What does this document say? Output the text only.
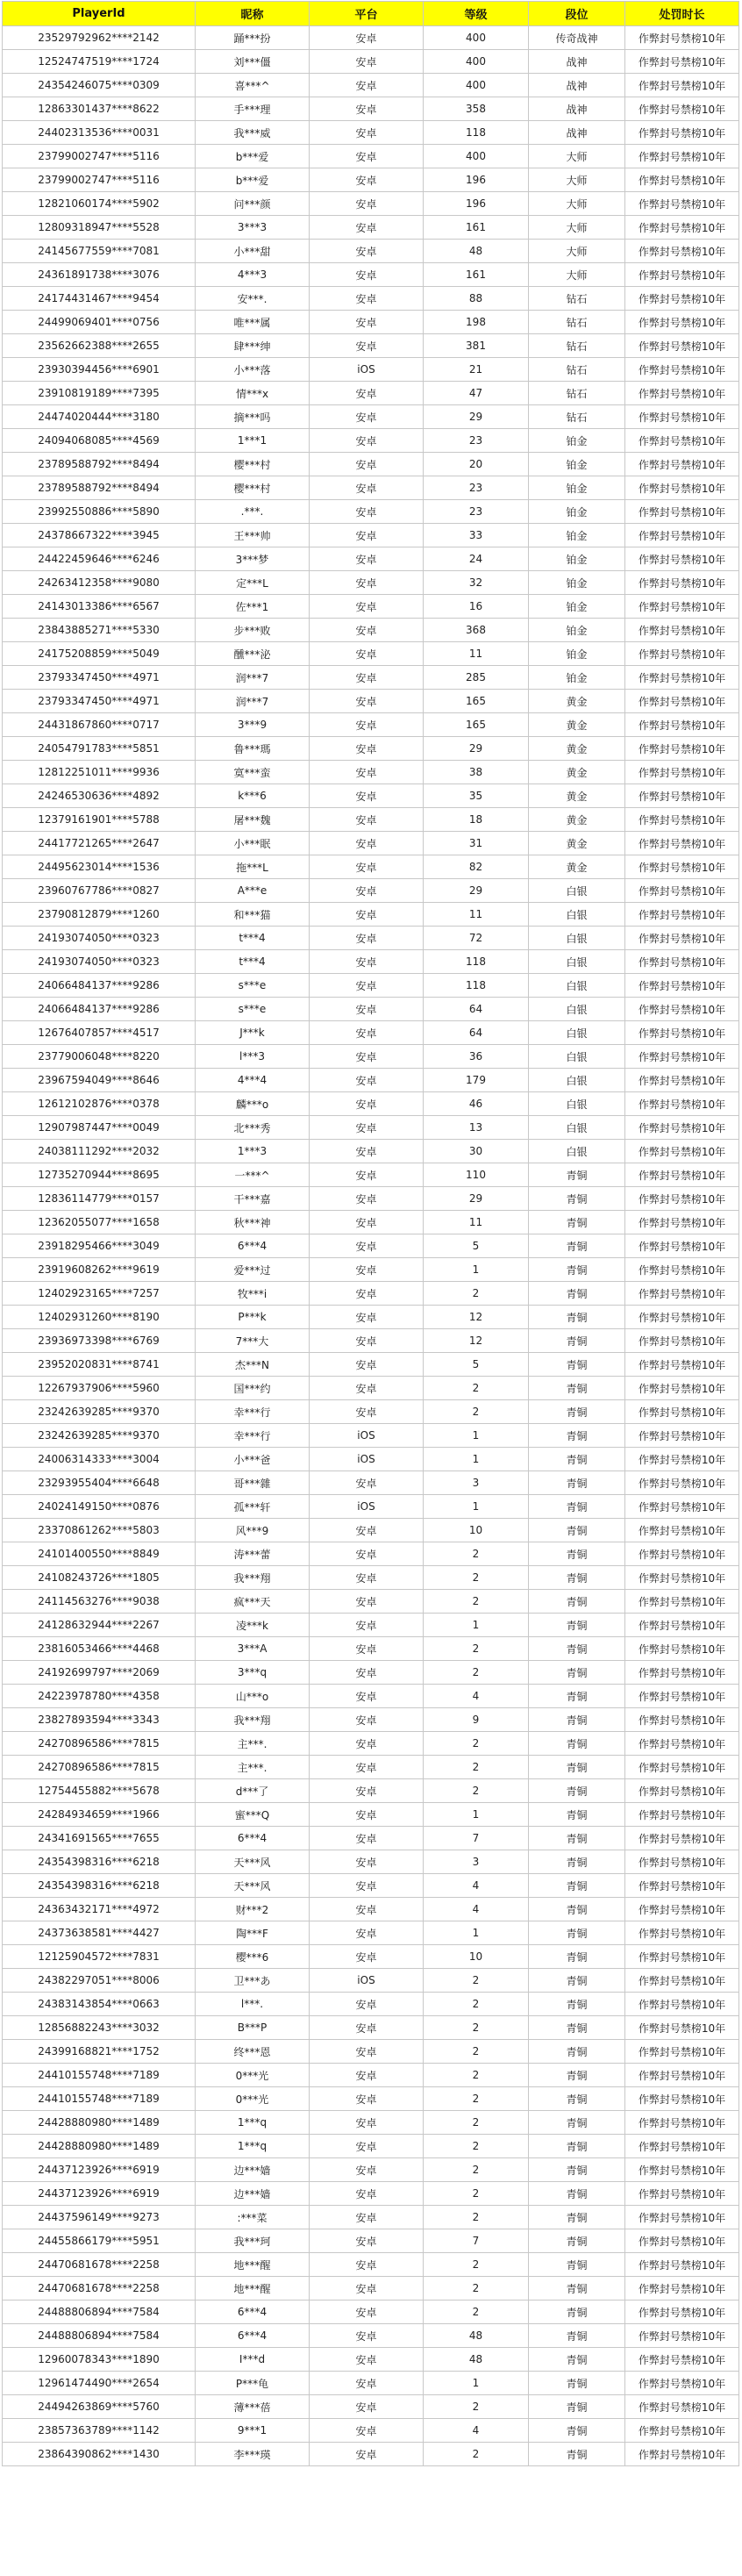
PlayerId	昵称	平台	等级	段位	处罚时长
23529792962****2142	踊***扮	安卓	400	传奇战神	作弊封号禁榜10年
12524747519****1724	刘***僵	安卓	400	战神	作弊封号禁榜10年
24354246075****0309	喜***^	安卓	400	战神	作弊封号禁榜10年
12863301437****8622	手***理	安卓	358	战神	作弊封号禁榜10年
24402313536****0031	我***威	安卓	118	战神	作弊封号禁榜10年
23799002747****5116	b***爱	安卓	400	大师	作弊封号禁榜10年
23799002747****5116	b***爱	安卓	196	大师	作弊封号禁榜10年
12821060174****5902	问***颜	安卓	196	大师	作弊封号禁榜10年
12809318947****5528	3***3	安卓	161	大师	作弊封号禁榜10年
24145677559****7081	小***甜	安卓	48	大师	作弊封号禁榜10年
24361891738****3076	4***3	安卓	161	大师	作弊封号禁榜10年
24174431467****9454	安***.	安卓	88	钻石	作弊封号禁榜10年
24499069401****0756	唯***属	安卓	198	钻石	作弊封号禁榜10年
23562662388****2655	肆***绅	安卓	381	钻石	作弊封号禁榜10年
23930394456****6901	小***落	iOS	21	钻石	作弊封号禁榜10年
23910819189****7395	情***x	安卓	47	钻石	作弊封号禁榜10年
24474020444****3180	摘***吗	安卓	29	钻石	作弊封号禁榜10年
24094068085****4569	1***1	安卓	23	铂金	作弊封号禁榜10年
23789588792****8494	樱***村	安卓	20	铂金	作弊封号禁榜10年
23789588792****8494	樱***村	安卓	23	铂金	作弊封号禁榜10年
23992550886****5890	.***.	安卓	23	铂金	作弊封号禁榜10年
24378667322****3945	王***帅	安卓	33	铂金	作弊封号禁榜10年
24422459646****6246	3***梦	安卓	24	铂金	作弊封号禁榜10年
24263412358****9080	定***L	安卓	32	铂金	作弊封号禁榜10年
24143013386****6567	佐***1	安卓	16	铂金	作弊封号禁榜10年
23843885271****5330	步***败	安卓	368	铂金	作弊封号禁榜10年
24175208859****5049	醺***泌	安卓	11	铂金	作弊封号禁榜10年
23793347450****4971	润***7	安卓	285	铂金	作弊封号禁榜10年
23793347450****4971	润***7	安卓	165	黄金	作弊封号禁榜10年
24431867860****0717	3***9	安卓	165	黄金	作弊封号禁榜10年
24054791783****5851	鲁***瑪	安卓	29	黄金	作弊封号禁榜10年
12812251011****9936	寞***蛮	安卓	38	黄金	作弊封号禁榜10年
24246530636****4892	k***6	安卓	35	黄金	作弊封号禁榜10年
12379161901****5788	屠***魏	安卓	18	黄金	作弊封号禁榜10年
24417721265****2647	小***眠	安卓	31	黄金	作弊封号禁榜10年
24495623014****1536	拖***L	安卓	82	黄金	作弊封号禁榜10年
23960767786****0827	A***e	安卓	29	白银	作弊封号禁榜10年
23790812879****1260	和***猫	安卓	11	白银	作弊封号禁榜10年
24193074050****0323	t***4	安卓	72	白银	作弊封号禁榜10年
24193074050****0323	t***4	安卓	118	白银	作弊封号禁榜10年
24066484137****9286	s***e	安卓	118	白银	作弊封号禁榜10年
24066484137****9286	s***e	安卓	64	白银	作弊封号禁榜10年
12676407857****4517	J***k	安卓	64	白银	作弊封号禁榜10年
23779006048****8220	l***3	安卓	36	白银	作弊封号禁榜10年
23967594049****8646	4***4	安卓	179	白银	作弊封号禁榜10年
12612102876****0378	麟***o	安卓	46	白银	作弊封号禁榜10年
12907987447****0049	北***秀	安卓	13	白银	作弊封号禁榜10年
24038111292****2032	1***3	安卓	30	白银	作弊封号禁榜10年
12735270944****8695	一***^	安卓	110	青铜	作弊封号禁榜10年
12836114779****0157	干***嘉	安卓	29	青铜	作弊封号禁榜10年
12362055077****1658	秋***神	安卓	11	青铜	作弊封号禁榜10年
23918295466****3049	6***4	安卓	5	青铜	作弊封号禁榜10年
23919608262****9619	爱***过	安卓	1	青铜	作弊封号禁榜10年
12402923165****7257	牧***i	安卓	2	青铜	作弊封号禁榜10年
12402931260****8190	P***k	安卓	12	青铜	作弊封号禁榜10年
23936973398****6769	7***大	安卓	12	青铜	作弊封号禁榜10年
23952020831****8741	杰***N	安卓	5	青铜	作弊封号禁榜10年
12267937906****5960	国***约	安卓	2	青铜	作弊封号禁榜10年
23242639285****9370	幸***行	安卓	2	青铜	作弊封号禁榜10年
23242639285****9370	幸***行	iOS	1	青铜	作弊封号禁榜10年
24006314333****3004	小***爸	iOS	1	青铜	作弊封号禁榜10年
23293955404****6648	哥***雜	安卓	3	青铜	作弊封号禁榜10年
24024149150****0876	孤***轩	iOS	1	青铜	作弊封号禁榜10年
23370861262****5803	风***9	安卓	10	青铜	作弊封号禁榜10年
24101400550****8849	涛***蕾	安卓	2	青铜	作弊封号禁榜10年
24108243726****1805	我***翔	安卓	2	青铜	作弊封号禁榜10年
24114563276****9038	疯***天	安卓	2	青铜	作弊封号禁榜10年
24128632944****2267	凌***k	安卓	1	青铜	作弊封号禁榜10年
23816053466****4468	3***A	安卓	2	青铜	作弊封号禁榜10年
24192699797****2069	3***q	安卓	2	青铜	作弊封号禁榜10年
24223978780****4358	山***o	安卓	4	青铜	作弊封号禁榜10年
23827893594****3343	我***翔	安卓	9	青铜	作弊封号禁榜10年
24270896586****7815	主***.	安卓	2	青铜	作弊封号禁榜10年
24270896586****7815	主***.	安卓	2	青铜	作弊封号禁榜10年
12754455882****5678	d***了	安卓	2	青铜	作弊封号禁榜10年
24284934659****1966	蜜***Q	安卓	1	青铜	作弊封号禁榜10年
24341691565****7655	6***4	安卓	7	青铜	作弊封号禁榜10年
24354398316****6218	天***风	安卓	3	青铜	作弊封号禁榜10年
24354398316****6218	天***风	安卓	4	青铜	作弊封号禁榜10年
24363432171****4972	财***2	安卓	4	青铜	作弊封号禁榜10年
24373638581****4427	陶***F	安卓	1	青铜	作弊封号禁榜10年
12125904572****7831	樱***6	安卓	10	青铜	作弊封号禁榜10年
24382297051****8006	卫***あ	iOS	2	青铜	作弊封号禁榜10年
24383143854****0663	l***.	安卓	2	青铜	作弊封号禁榜10年
12856882243****3032	B***P	安卓	2	青铜	作弊封号禁榜10年
24399168821****1752	终***恩	安卓	2	青铜	作弊封号禁榜10年
24410155748****7189	0***光	安卓	2	青铜	作弊封号禁榜10年
24410155748****7189	0***光	安卓	2	青铜	作弊封号禁榜10年
24428880980****1489	1***q	安卓	2	青铜	作弊封号禁榜10年
24428880980****1489	1***q	安卓	2	青铜	作弊封号禁榜10年
24437123926****6919	边***嫱	安卓	2	青铜	作弊封号禁榜10年
24437123926****6919	边***嫱	安卓	2	青铜	作弊封号禁榜10年
24437596149****9273	:***菜	安卓	2	青铜	作弊封号禁榜10年
24455866179****5951	我***珂	安卓	7	青铜	作弊封号禁榜10年
24470681678****2258	地***醒	安卓	2	青铜	作弊封号禁榜10年
24470681678****2258	地***醒	安卓	2	青铜	作弊封号禁榜10年
24488806894****7584	6***4	安卓	2	青铜	作弊封号禁榜10年
24488806894****7584	6***4	安卓	48	青铜	作弊封号禁榜10年
12960078343****1890	I***d	安卓	48	青铜	作弊封号禁榜10年
12961474490****2654	P***龟	安卓	1	青铜	作弊封号禁榜10年
24494263869****5760	薄***蓓	安卓	2	青铜	作弊封号禁榜10年
23857363789****1142	9***1	安卓	4	青铜	作弊封号禁榜10年
23864390862****1430	李***瑛	安卓	2	青铜	作弊封号禁榜10年
